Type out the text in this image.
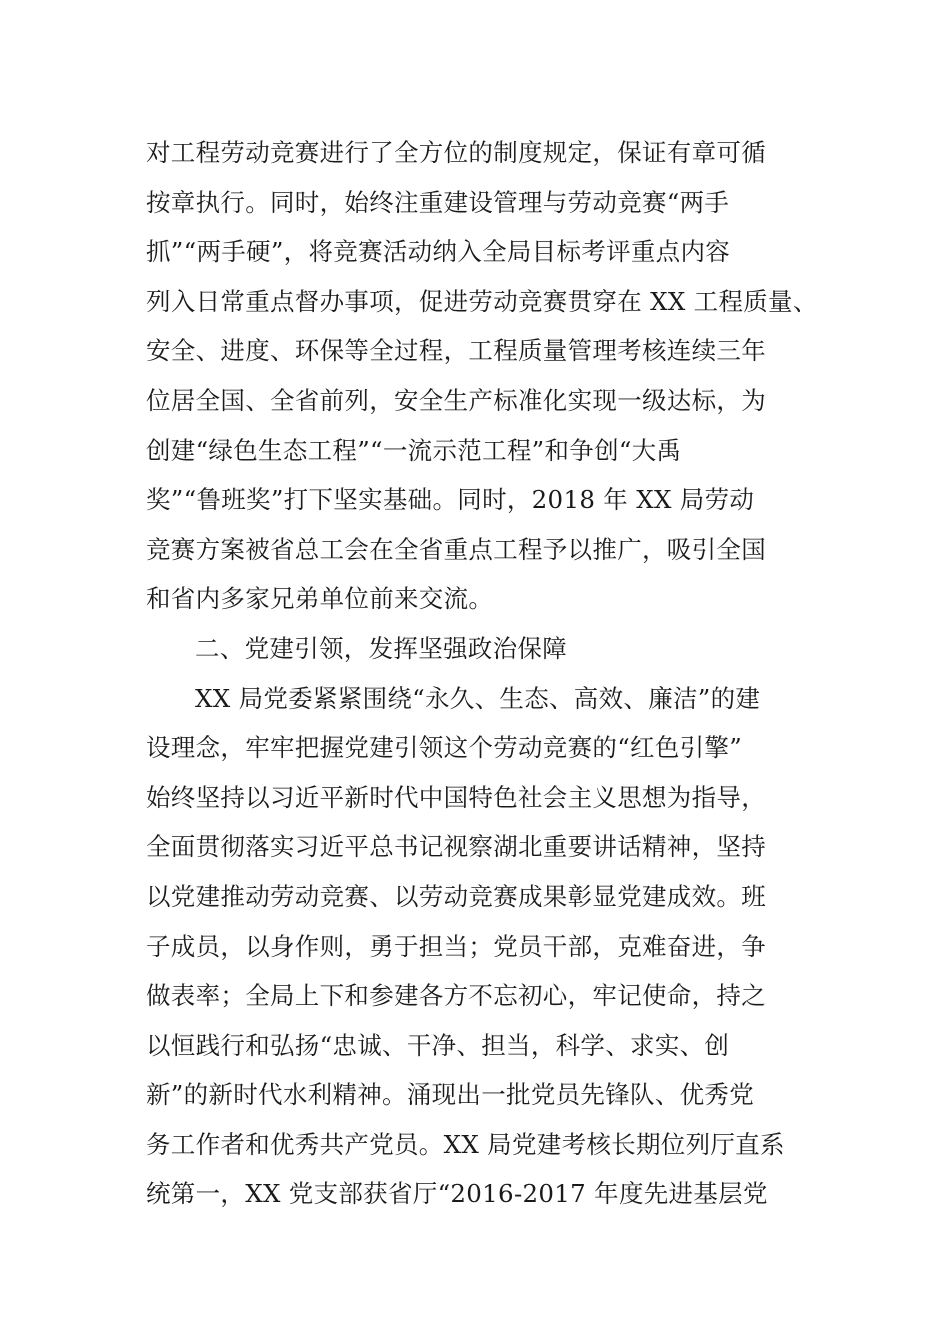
对工程劳动竞赛进行了全方位的制度规定，保证有章可循
按章执行。同时，始终注重建设管理与劳动竞赛“两手
抓”“两手硬”，将竞赛活动纳入全局目标考评重点内容
列入日常重点督办事项，促进劳动竞赛贯穿在 XX 工程质量、
安全、进度、环保等全过程，工程质量管理考核连续三年
位居全国、全省前列，安全生产标准化实现一级达标，为
创建“绿色生态工程”“一流示范工程”和争创“大禹
奖”“鲁班奖”打下坚实基础。同时，2018 年 XX 局劳动
竞赛方案被省总工会在全省重点工程予以推广，吸引全国
和省内多家兄弟单位前来交流。
二、党建引领，发挥坚强政治保障
XX 局党委紧紧围绕“永久、生态、高效、廉洁”的建
设理念，牢牢把握党建引领这个劳动竞赛的“红色引擎”
始终坚持以习近平新时代中国特色社会主义思想为指导，
全面贯彻落实习近平总书记视察湖北重要讲话精神，坚持
以党建推动劳动竞赛、以劳动竞赛成果彰显党建成效。班
子成员，以身作则，勇于担当；党员干部，克难奋进，争
做表率；全局上下和参建各方不忘初心，牢记使命，持之
以恒践行和弘扬“忠诚、干净、担当，科学、求实、创
新”的新时代水利精神。涌现出一批党员先锋队、优秀党
务工作者和优秀共产党员。XX 局党建考核长期位列厅直系
统第一，XX 党支部获省厅“2016-2017 年度先进基层党
